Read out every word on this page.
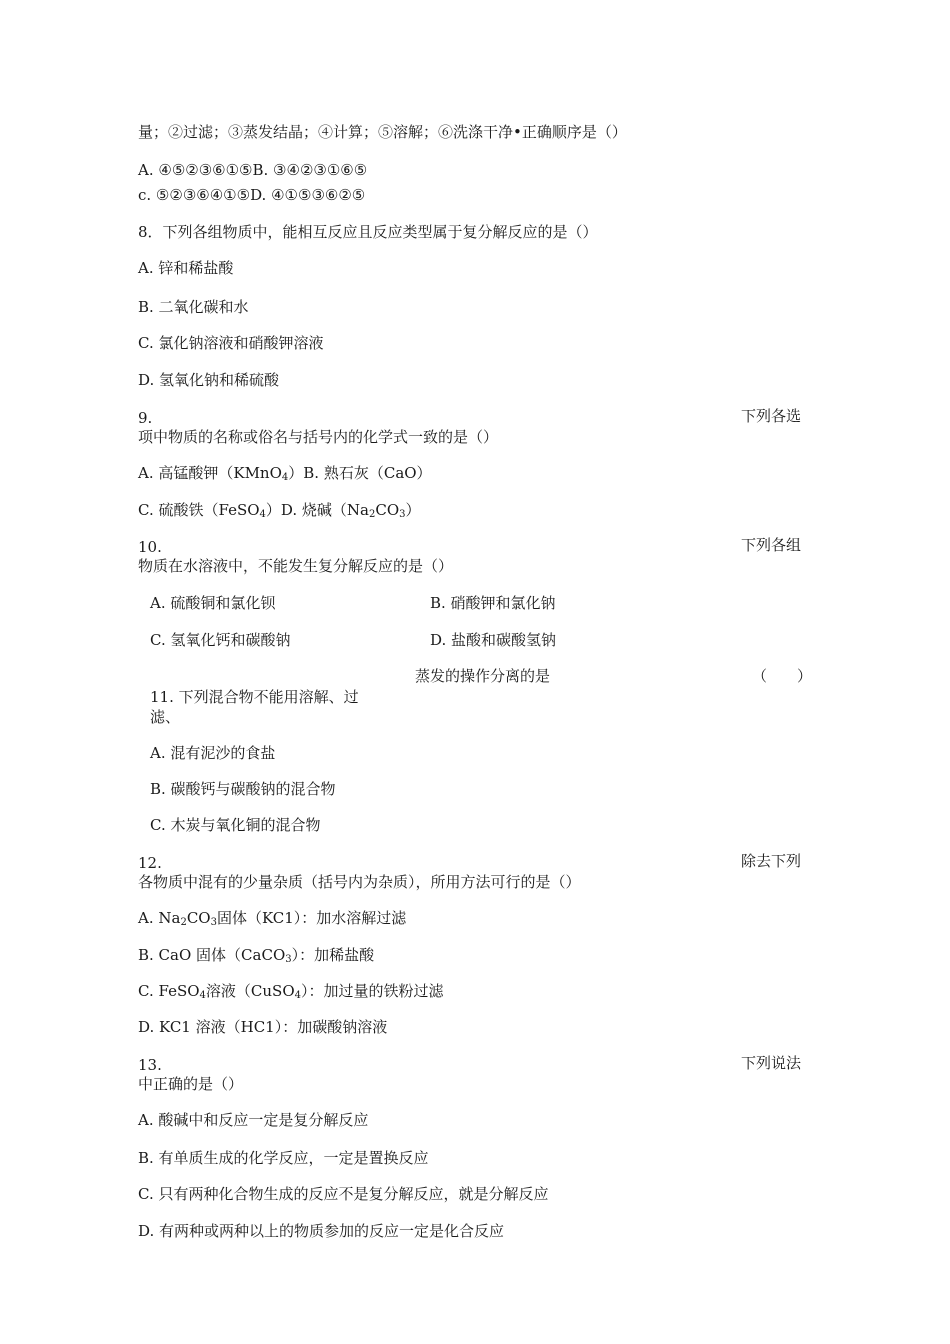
量；②过滤；③蒸发结晶；④计算；⑤溶解；⑥洗涤干净•正确顺序是（）
A. ④⑤②③⑥①⑤B. ③④②③①⑥⑤
c. ⑤②③⑥④①⑤D. ④①⑤③⑥②⑤
8．下列各组物质中，能相互反应且反应类型属于复分解反应的是（）
A. 锌和稀盐酸
B. 二氧化碳和水
C. 氯化钠溶液和硝酸钾溶液
D. 氢氧化钠和稀硫酸
9.	下列各选
项中物质的名称或俗名与括号内的化学式一致的是（）
A. 高锰酸钾（KMnO$_4$）B. 熟石灰（CaO）
C. 硫酸铁（FeSO$_4$）D. 烧碱$(Na_2CO_3)$
10.	下列各组
物质在水溶液中，不能发生复分解反应的是（）
A. 硫酸铜和氯化钡	B. 硝酸钾和氯化钠
C. 氢氧化钙和碳酸钠	D. 盐酸和碳酸氢钠
蒸发的操作分离的是	（　　）
11. 下列混合物不能用溶解、过
滤、
A. 混有泥沙的食盐
B. 碳酸钙与碳酸钠的混合物
C. 木炭与氧化铜的混合物
12.	除去下列
各物质中混有的少量杂质（括号内为杂质），所用方法可行的是（）
A. $Na_2CO_3$固体（KC1）：加水溶解过滤
B. CaO 固体（CaCO$_3$）：加稀盐酸
C. FeSO$_4$溶液（CuSO$_4$）：加过量的铁粉过滤
D. KC1 溶液（HC1）：加碳酸钠溶液
13.	下列说法
中正确的是（）
A. 酸碱中和反应一定是复分解反应
B. 有单质生成的化学反应，一定是置换反应
C. 只有两种化合物生成的反应不是复分解反应，就是分解反应
D. 有两种或两种以上的物质参加的反应一定是化合反应
